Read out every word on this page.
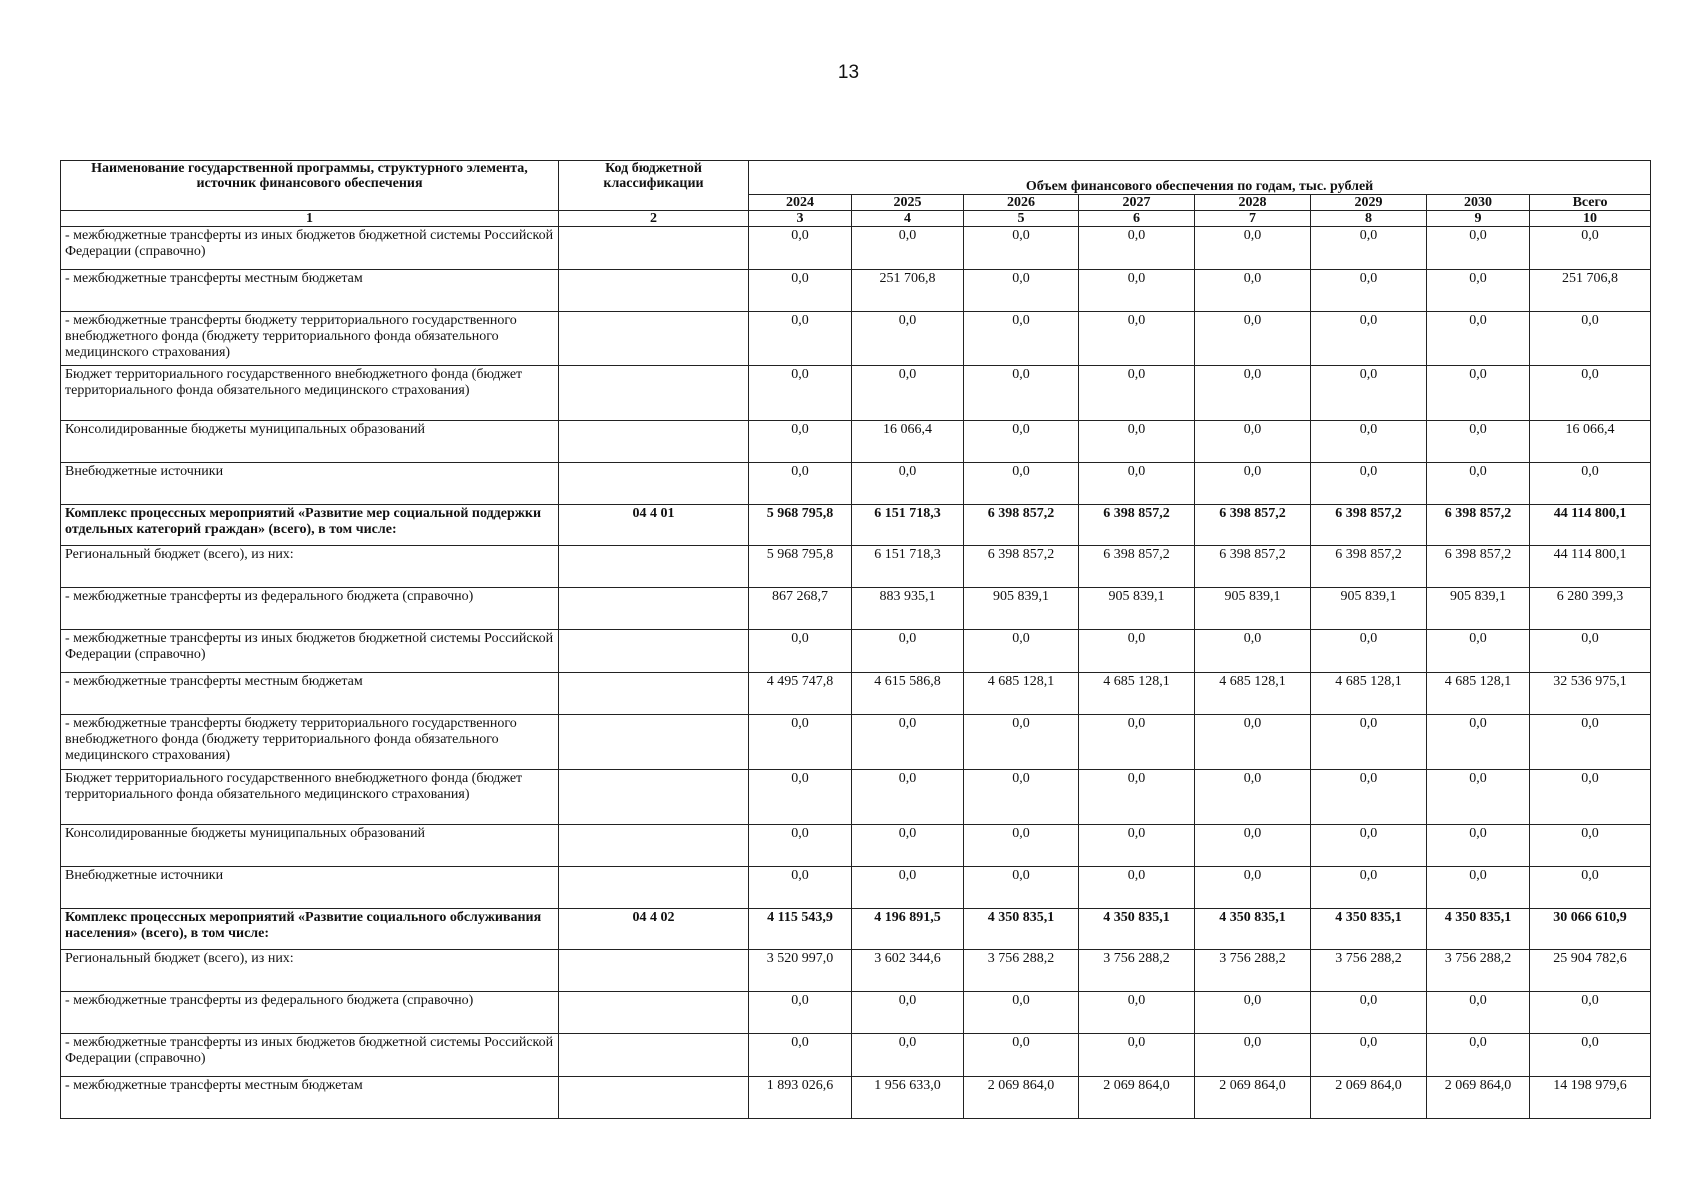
13
Наименование государственной программы, структурного элемента, источник финансового обеспечения	Код бюджетной классификации	Объем финансового обеспечения по годам, тыс. рублей							
		2024	2025	2026	2027	2028	2029	2030	Всего
1	2	3	4	5	6	7	8	9	10
- межбюджетные трансферты из иных бюджетов бюджетной системы Российской Федерации (справочно)		0,0	0,0	0,0	0,0	0,0	0,0	0,0	0,0
- межбюджетные трансферты местным бюджетам		0,0	251 706,8	0,0	0,0	0,0	0,0	0,0	251 706,8
- межбюджетные трансферты бюджету территориального государственного внебюджетного фонда (бюджету территориального фонда обязательного медицинского страхования)		0,0	0,0	0,0	0,0	0,0	0,0	0,0	0,0
Бюджет территориального государственного внебюджетного фонда (бюджет территориального фонда обязательного медицинского страхования)		0,0	0,0	0,0	0,0	0,0	0,0	0,0	0,0
Консолидированные бюджеты муниципальных образований		0,0	16 066,4	0,0	0,0	0,0	0,0	0,0	16 066,4
Внебюджетные источники		0,0	0,0	0,0	0,0	0,0	0,0	0,0	0,0
Комплекс процессных мероприятий «Развитие мер социальной поддержки отдельных категорий граждан» (всего), в том числе:	04 4 01	5 968 795,8	6 151 718,3	6 398 857,2	6 398 857,2	6 398 857,2	6 398 857,2	6 398 857,2	44 114 800,1
Региональный бюджет (всего), из них:		5 968 795,8	6 151 718,3	6 398 857,2	6 398 857,2	6 398 857,2	6 398 857,2	6 398 857,2	44 114 800,1
- межбюджетные трансферты из федерального бюджета (справочно)		867 268,7	883 935,1	905 839,1	905 839,1	905 839,1	905 839,1	905 839,1	6 280 399,3
- межбюджетные трансферты из иных бюджетов бюджетной системы Российской Федерации (справочно)		0,0	0,0	0,0	0,0	0,0	0,0	0,0	0,0
- межбюджетные трансферты местным бюджетам		4 495 747,8	4 615 586,8	4 685 128,1	4 685 128,1	4 685 128,1	4 685 128,1	4 685 128,1	32 536 975,1
- межбюджетные трансферты бюджету территориального государственного внебюджетного фонда (бюджету территориального фонда обязательного медицинского страхования)		0,0	0,0	0,0	0,0	0,0	0,0	0,0	0,0
Бюджет территориального государственного внебюджетного фонда (бюджет территориального фонда обязательного медицинского страхования)		0,0	0,0	0,0	0,0	0,0	0,0	0,0	0,0
Консолидированные бюджеты муниципальных образований		0,0	0,0	0,0	0,0	0,0	0,0	0,0	0,0
Внебюджетные источники		0,0	0,0	0,0	0,0	0,0	0,0	0,0	0,0
Комплекс процессных мероприятий «Развитие социального обслуживания населения» (всего), в том числе:	04 4 02	4 115 543,9	4 196 891,5	4 350 835,1	4 350 835,1	4 350 835,1	4 350 835,1	4 350 835,1	30 066 610,9
Региональный бюджет (всего), из них:		3 520 997,0	3 602 344,6	3 756 288,2	3 756 288,2	3 756 288,2	3 756 288,2	3 756 288,2	25 904 782,6
- межбюджетные трансферты из федерального бюджета (справочно)		0,0	0,0	0,0	0,0	0,0	0,0	0,0	0,0
- межбюджетные трансферты из иных бюджетов бюджетной системы Российской Федерации (справочно)		0,0	0,0	0,0	0,0	0,0	0,0	0,0	0,0
- межбюджетные трансферты местным бюджетам		1 893 026,6	1 956 633,0	2 069 864,0	2 069 864,0	2 069 864,0	2 069 864,0	2 069 864,0	14 198 979,6
